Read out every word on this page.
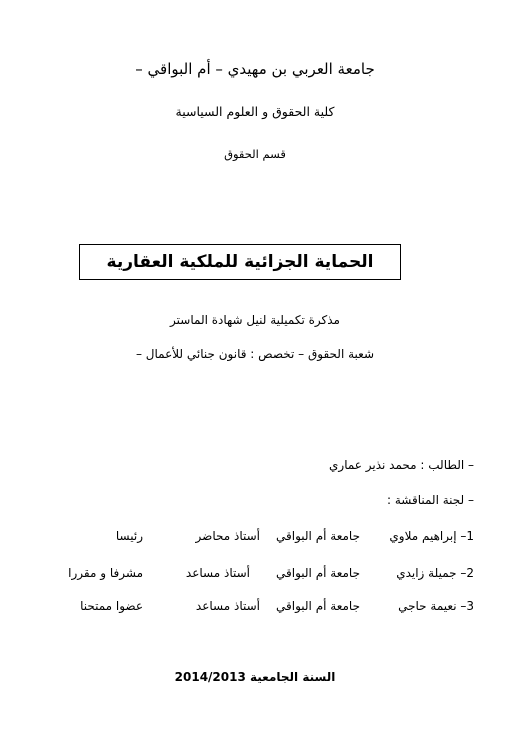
جامعة العربي بن مهيدي – أم البواقي –
كلية الحقوق و العلوم السياسية
قسم الحقوق
الحماية الجزائية للملكية العقارية
مذكرة تكميلية لنيل شهادة الماستر
شعبة الحقوق – تخصص : قانون جنائي للأعمال –
– الطالب : محمد نذير عماري
– لجنة المناقشة :
1– إبراهيم ملاوي
جامعة أم البواقي
أستاذ محاضر
رئيسا
2– جميلة زايدي
جامعة أم البواقي
أستاذ مساعد
مشرفا و مقررا
3– نعيمة حاجي
جامعة أم البواقي
أستاذ مساعد
عضوا ممتحنا
السنة الجامعية 2014/2013
